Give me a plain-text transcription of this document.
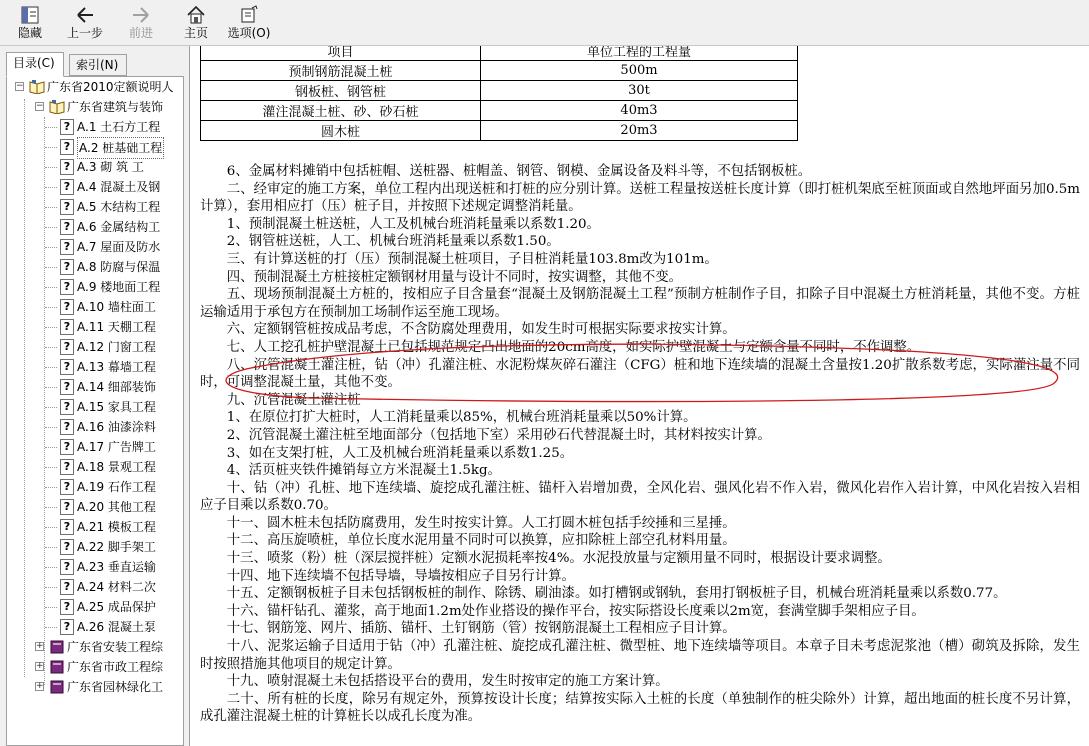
隐藏	上一步	前进	主页	选项(O)
目录(C)	索引(N)
− 广东省2010定额说明人
− 广东省建筑与装饰
? A.1 土石方工程
? A.2 桩基础工程
? A.3 砌 筑 工
? A.4 混凝土及钢
? A.5 木结构工程
? A.6 金属结构工
? A.7 屋面及防水
? A.8 防腐与保温
? A.9 楼地面工程
? A.10 墙柱面工
? A.11 天棚工程
? A.12 门窗工程
? A.13 幕墙工程
? A.14 细部装饰
? A.15 家具工程
? A.16 油漆涂料
? A.17 广告牌工
? A.18 景观工程
? A.19 石作工程
? A.20 其他工程
? A.21 模板工程
? A.22 脚手架工
? A.23 垂直运输
? A.24 材料二次
? A.25 成品保护
? A.26 混凝土泵
+ 广东省安装工程综
+ 广东省市政工程综
+ 广东省园林绿化工
项目	单位工程的工程量
预制钢筋混凝土桩	500m
钢板桩、钢管桩	30t
灌注混凝土桩、砂、砂石桩	40m3
圆木桩	20m3

6、金属材料摊销中包括桩帽、送桩器、桩帽盖、钢管、钢模、金属设备及料斗等，不包括钢板桩。

二、经审定的施工方案，单位工程内出现送桩和打桩的应分别计算。送桩工程量按送桩长度计算（即打桩机架底至桩顶面或自然地坪面另加0.5m计算），套用相应打（压）桩子目，并按照下述规定调整消耗量。

1、预制混凝土桩送桩，人工及机械台班消耗量乘以系数1.20。

2、钢管桩送桩，人工、机械台班消耗量乘以系数1.50。

三、有计算送桩的打（压）预制混凝土桩项目，子目桩消耗量103.8m改为101m。

四、预制混凝土方桩接桩定额钢材用量与设计不同时，按实调整，其他不变。

五、现场预制混凝土方桩的，按相应子目含量套“混凝土及钢筋混凝土工程”预制方桩制作子目，扣除子目中混凝土方桩消耗量，其他不变。方桩运输适用于承包方在预制加工场制作运至施工现场。

六、定额钢管桩按成品考虑，不含防腐处理费用，如发生时可根据实际要求按实计算。

七、人工挖孔桩护壁混凝土已包括规范规定凸出地面的20cm高度，如实际护壁混凝土与定额含量不同时，不作调整。

八、沉管混凝土灌注桩，钻（冲）孔灌注桩、水泥粉煤灰碎石灌注（CFG）桩和地下连续墙的混凝土含量按1.20扩散系数考虑，实际灌注量不同时，可调整混凝土量，其他不变。

九、沉管混凝土灌注桩

1、在原位打扩大桩时，人工消耗量乘以85%，机械台班消耗量乘以50%计算。

2、沉管混凝土灌注桩至地面部分（包括地下室）采用砂石代替混凝土时，其材料按实计算。

3、如在支架打桩，人工及机械台班消耗量乘以系数1.25。

4、活页桩夹铁件摊销每立方米混凝土1.5kg。

十、钻（冲）孔桩、地下连续墙、旋挖成孔灌注桩、锚杆入岩增加费，全风化岩、强风化岩不作入岩，微风化岩作入岩计算，中风化岩按入岩相应子目乘以系数0.70。

十一、圆木桩未包括防腐费用，发生时按实计算。人工打圆木桩包括手绞捶和三星捶。

十二、高压旋喷桩，单位长度水泥用量不同时可以换算，应扣除桩上部空孔材料用量。

十三、喷浆（粉）桩（深层搅拌桩）定额水泥损耗率按4%。水泥投放量与定额用量不同时，根据设计要求调整。

十四、地下连续墙不包括导墙，导墙按相应子目另行计算。

十五、定额钢板桩子目未包括钢板桩的制作、除锈、刷油漆。如打槽钢或钢轨，套用打钢板桩子目，机械台班消耗量乘以系数0.77。

十六、锚杆钻孔、灌浆，高于地面1.2m处作业搭设的操作平台，按实际搭设长度乘以2m宽，套满堂脚手架相应子目。

十七、钢筋笼、网片、插筋、锚杆、土钉钢筋（管）按钢筋混凝土工程相应子目计算。

十八、泥浆运输子目适用于钻（冲）孔灌注桩、旋挖成孔灌注桩、微型桩、地下连续墙等项目。本章子目未考虑泥浆池（槽）砌筑及拆除，发生时按照措施其他项目的规定计算。

十九、喷射混凝土未包括搭设平台的费用，发生时按审定的施工方案计算。

二十、所有桩的长度，除另有规定外，预算按设计长度；结算按实际入土桩的长度（单独制作的桩尖除外）计算，超出地面的桩长度不另计算，成孔灌注混凝土桩的计算桩长以成孔长度为准。
